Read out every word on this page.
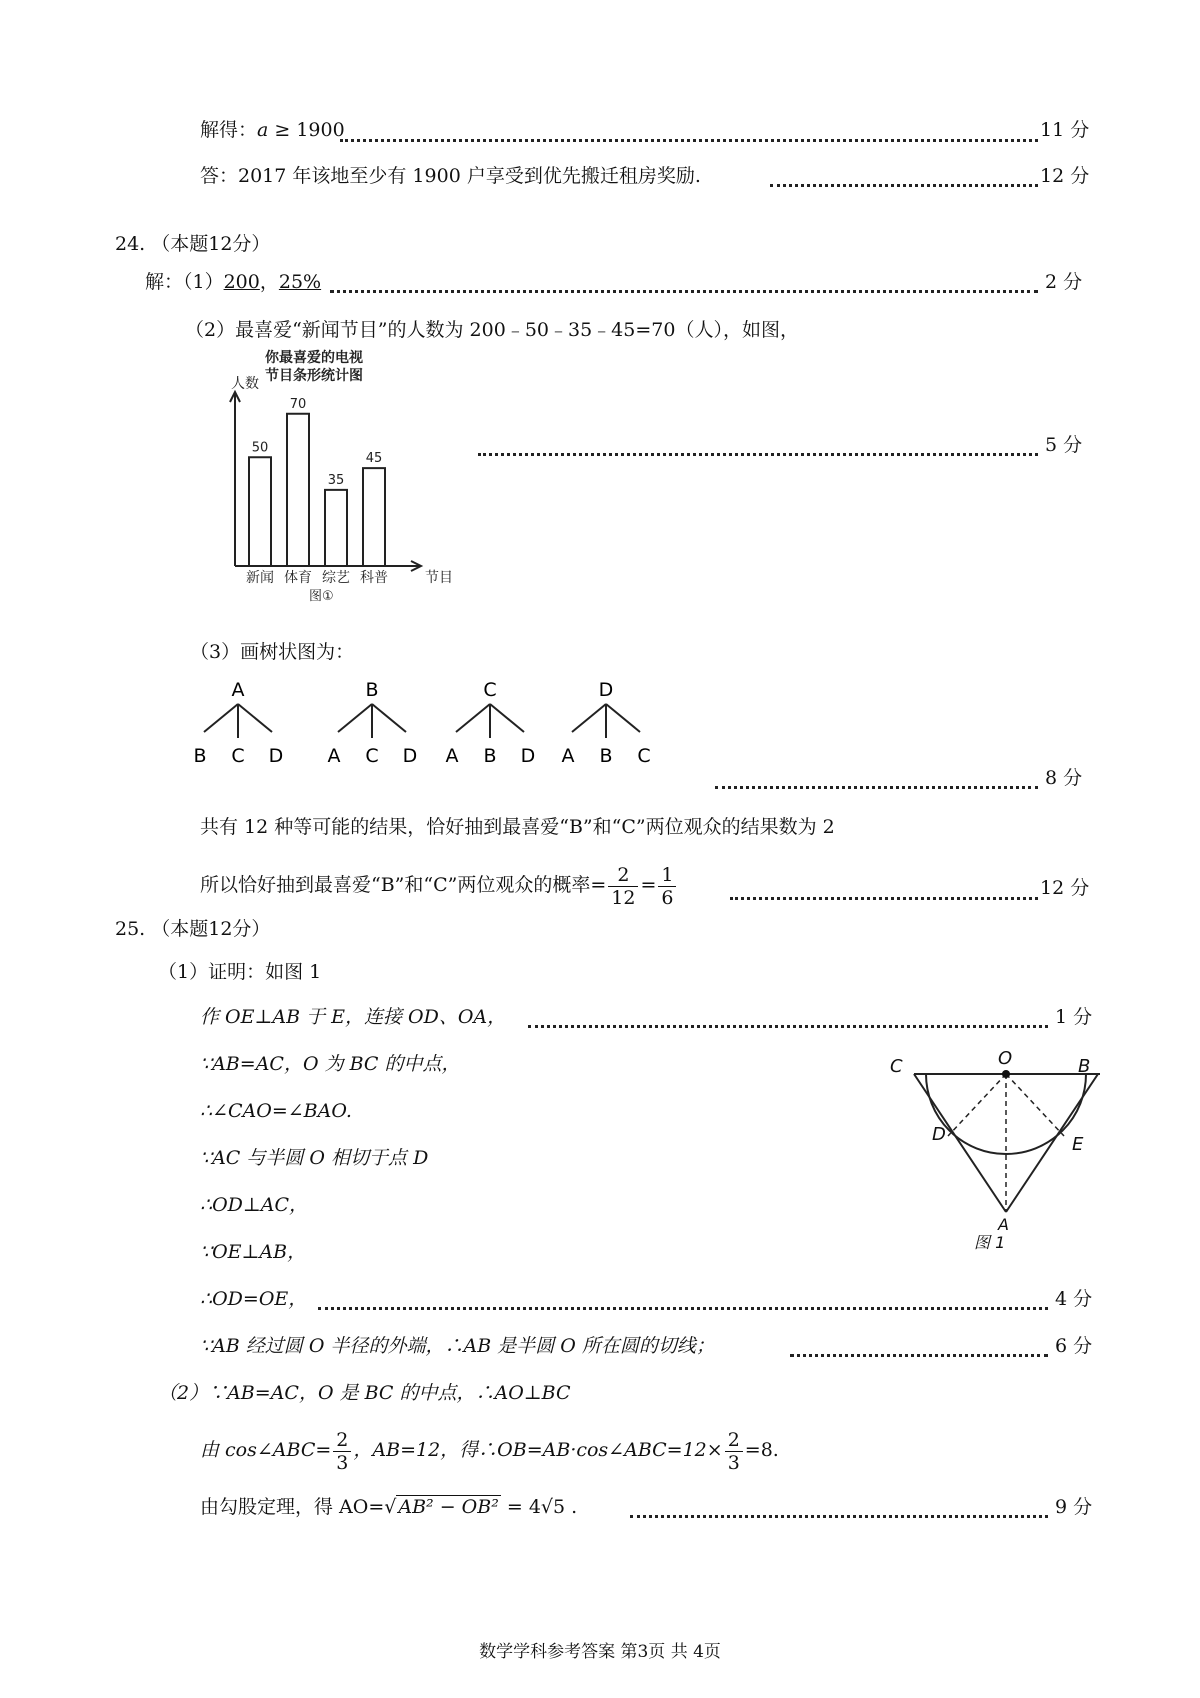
解得：a ≥ 1900	11 分
答：2017 年该地至少有 1900 户享受到优先搬迁租房奖励.	12 分
24. （本题12分）
解：（1）200，25%	2 分
（2）最喜爱“新闻节目”的人数为 200﹣50﹣35﹣45=70（人），如图，
你最喜爱的电视
节目条形统计图
人数
节目
图①
50
新闻
70
体育
35
综艺
45
科普
5 分
（3）画树状图为：
A
B C D
B
A C D
C
A B D
D
A B C
8 分
共有 12 种等可能的结果，恰好抽到最喜爱“B”和“C”两位观众的结果数为 2
所以恰好抽到最喜爱“B”和“C”两位观众的概率= $\frac{2}{12} = \frac{1}{6}$	12 分
25. （本题12分）
（1）证明：如图 1
作 OE⊥AB 于 E，连接 OD、OA，	1 分
∵AB=AC，O 为 BC 的中点，
∴∠CAO=∠BAO.
∵AC 与半圆 O 相切于点 D
∴OD⊥AC，
∵OE⊥AB，
∴OD=OE，	4 分
∵AB 经过圆 O 半径的外端，∴AB 是半圆 O 所在圆的切线；	6 分
C	O	B
D	E
A
图 1
（2）∵AB=AC，O 是 BC 的中点，∴AO⊥BC
由 cos∠ABC= $\frac{2}{3}$ ，AB=12，得∴OB=AB·cos∠ABC=12× $\frac{2}{3} =8$.
由勾股定理，得 AO=√ AB² − OB² = 4√5 .	9 分
数学学科参考答案 第3页 共 4页
